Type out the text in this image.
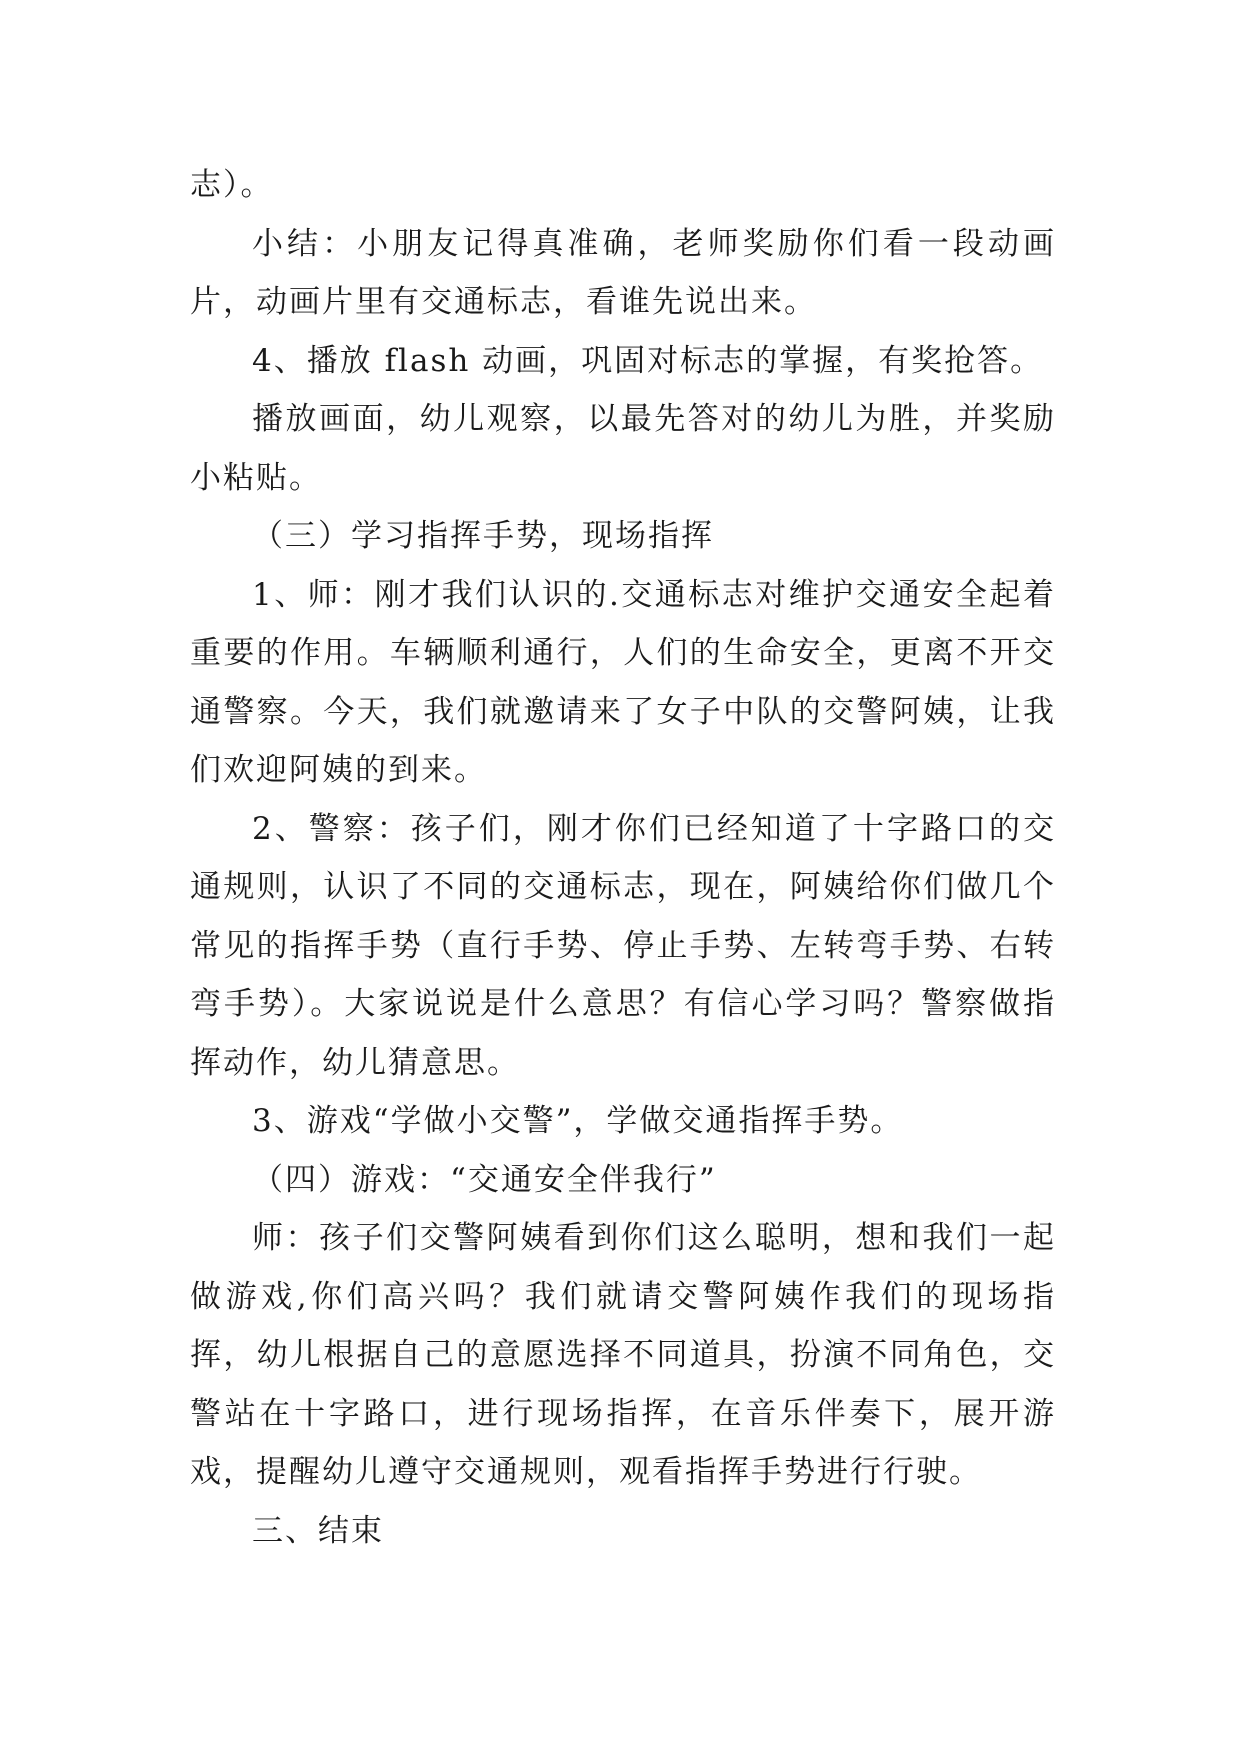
志）。

小结：小朋友记得真准确，老师奖励你们看一段动画片，动画片里有交通标志，看谁先说出来。

4、播放 flash 动画，巩固对标志的掌握，有奖抢答。

播放画面，幼儿观察，以最先答对的幼儿为胜，并奖励小粘贴。

（三）学习指挥手势，现场指挥

1、师：刚才我们认识的.交通标志对维护交通安全起着重要的作用。车辆顺利通行，人们的生命安全，更离不开交通警察。今天，我们就邀请来了女子中队的交警阿姨，让我们欢迎阿姨的到来。

2、警察：孩子们，刚才你们已经知道了十字路口的交通规则，认识了不同的交通标志，现在，阿姨给你们做几个常见的指挥手势（直行手势、停止手势、左转弯手势、右转弯手势）。大家说说是什么意思？有信心学习吗？警察做指挥动作，幼儿猜意思。

3、游戏“学做小交警”，学做交通指挥手势。

（四）游戏：“交通安全伴我行”

师：孩子们交警阿姨看到你们这么聪明，想和我们一起做游戏,你们高兴吗？我们就请交警阿姨作我们的现场指挥，幼儿根据自己的意愿选择不同道具，扮演不同角色，交警站在十字路口，进行现场指挥，在音乐伴奏下，展开游戏，提醒幼儿遵守交通规则，观看指挥手势进行行驶。

三、结束
